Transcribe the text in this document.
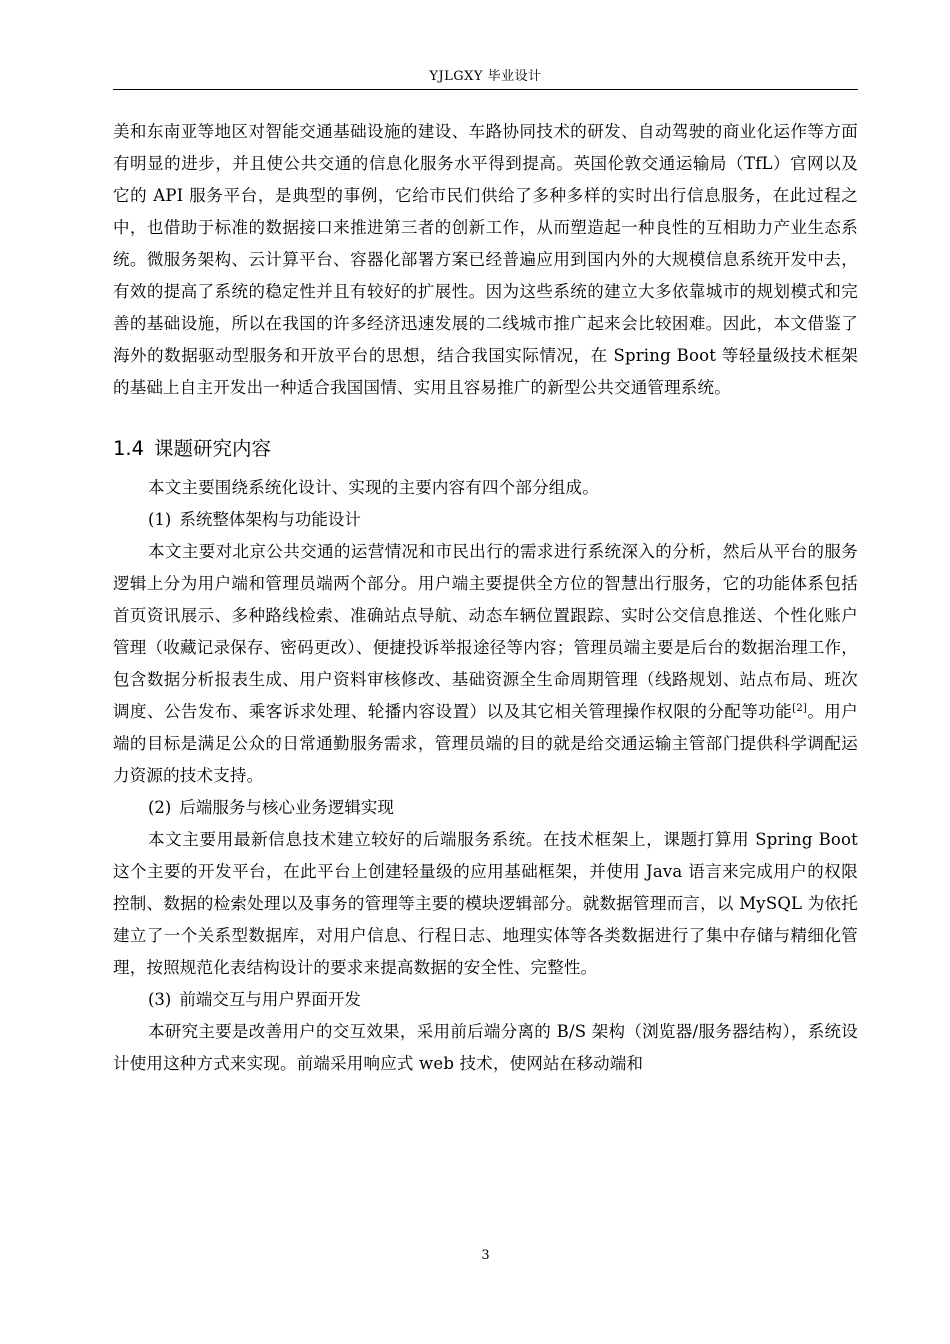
YJLGXY 毕业设计

美和东南亚等地区对智能交通基础设施的建设、车路协同技术的研发、自动驾驶的商业化运作等方面有明显的进步，并且使公共交通的信息化服务水平得到提高。英国伦敦交通运输局（TfL）官网以及它的 API 服务平台，是典型的事例，它给市民们供给了多种多样的实时出行信息服务，在此过程之中，也借助于标准的数据接口来推进第三者的创新工作，从而塑造起一种良性的互相助力产业生态系统。微服务架构、云计算平台、容器化部署方案已经普遍应用到国内外的大规模信息系统开发中去，有效的提高了系统的稳定性并且有较好的扩展性。因为这些系统的建立大多依靠城市的规划模式和完善的基础设施，所以在我国的许多经济迅速发展的二线城市推广起来会比较困难。因此，本文借鉴了海外的数据驱动型服务和开放平台的思想，结合我国实际情况，在 Spring Boot 等轻量级技术框架的基础上自主开发出一种适合我国国情、实用且容易推广的新型公共交通管理系统。

1.4 课题研究内容

本文主要围绕系统化设计、实现的主要内容有四个部分组成。

(1) 系统整体架构与功能设计

本文主要对北京公共交通的运营情况和市民出行的需求进行系统深入的分析，然后从平台的服务逻辑上分为用户端和管理员端两个部分。用户端主要提供全方位的智慧出行服务，它的功能体系包括首页资讯展示、多种路线检索、准确站点导航、动态车辆位置跟踪、实时公交信息推送、个性化账户管理（收藏记录保存、密码更改）、便捷投诉举报途径等内容；管理员端主要是后台的数据治理工作，包含数据分析报表生成、用户资料审核修改、基础资源全生命周期管理（线路规划、站点布局、班次调度、公告发布、乘客诉求处理、轮播内容设置）以及其它相关管理操作权限的分配等功能[2]。用户端的目标是满足公众的日常通勤服务需求，管理员端的目的就是给交通运输主管部门提供科学调配运力资源的技术支持。

(2) 后端服务与核心业务逻辑实现

本文主要用最新信息技术建立较好的后端服务系统。在技术框架上，课题打算用 Spring Boot 这个主要的开发平台，在此平台上创建轻量级的应用基础框架，并使用 Java 语言来完成用户的权限控制、数据的检索处理以及事务的管理等主要的模块逻辑部分。就数据管理而言，以 MySQL 为依托建立了一个关系型数据库，对用户信息、行程日志、地理实体等各类数据进行了集中存储与精细化管理，按照规范化表结构设计的要求来提高数据的安全性、完整性。

(3) 前端交互与用户界面开发

本研究主要是改善用户的交互效果，采用前后端分离的 B/S 架构（浏览器/服务器结构），系统设计使用这种方式来实现。前端采用响应式 web 技术，使网站在移动端和

3
